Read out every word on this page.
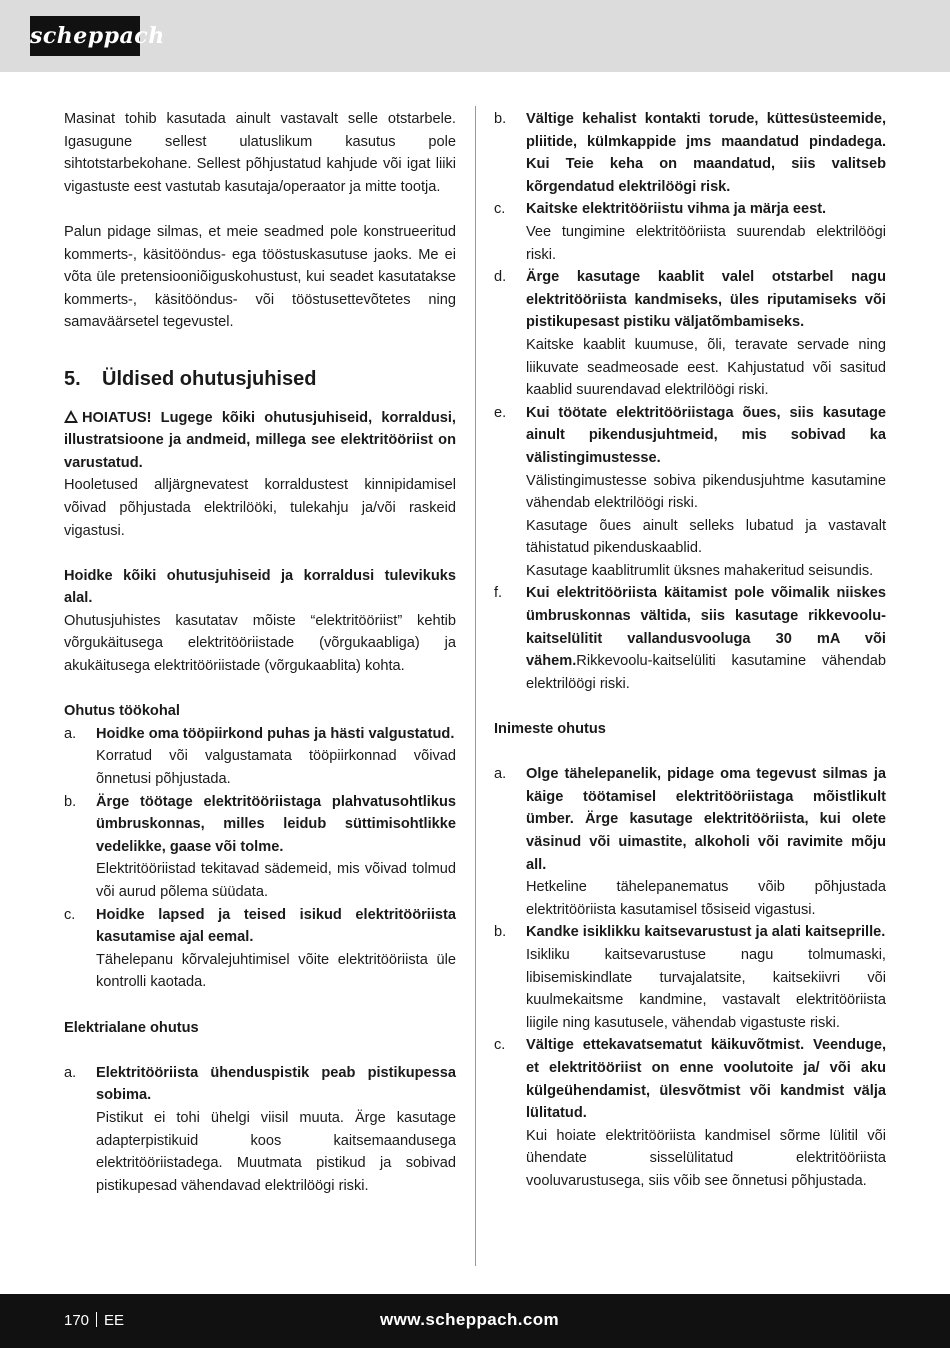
scheppach

Masinat tohib kasutada ainult vastavalt selle otstarbele. Igasugune sellest ulatuslikum kasutus pole sihtotstarbekohane. Sellest põhjustatud kahjude või igat liiki vigastuste eest vastutab kasutaja/operaator ja mitte tootja.

Palun pidage silmas, et meie seadmed pole konstrueeritud kommerts-, käsitööndus- ega tööstuskasutuse jaoks. Me ei võta üle pretensiooniõiguskohustust, kui seadet kasutatakse kommerts-, käsitööndus- või tööstusettevõtetes ning samaväärsetel tegevustel.

5.	Üldised ohutusjuhised

HOIATUS! Lugege kõiki ohutusjuhiseid, korraldusi, illustratsioone ja andmeid, millega see elektritööriist on varustatud.

Hooletused alljärgnevatest korraldustest kinnipidamisel võivad põhjustada elektrilööki, tulekahju ja/või raskeid vigastusi.

Hoidke kõiki ohutusjuhiseid ja korraldusi tulevikuks alal.

Ohutusjuhistes kasutatav mõiste “elektritööriist” kehtib võrgukäitusega elektritööriistade (võrgukaabliga) ja akukäitusega elektritööriistade (võrgukaablita) kohta.

Ohutus töökohal

a.	Hoidke oma tööpiirkond puhas ja hästi valgustatud.

Korratud või valgustamata tööpiirkonnad võivad õnnetusi põhjustada.

b.	Ärge töötage elektritööriistaga plahvatusohtlikus ümbruskonnas, milles leidub süttimisohtlikke vedelikke, gaase või tolme.

Elektritööriistad tekitavad sädemeid, mis võivad tolmud või aurud põlema süüdata.

c.	Hoidke lapsed ja teised isikud elektritööriista kasutamise ajal eemal.

Tähelepanu kõrvalejuhtimisel võite elektritööriista üle kontrolli kaotada.

Elektrialane ohutus

a.	Elektritööriista ühenduspistik peab pistikupessa sobima.

Pistikut ei tohi ühelgi viisil muuta. Ärge kasutage adapterpistikuid koos kaitsemaandusega elektritööriistadega. Muutmata pistikud ja sobivad pistikupesad vähendavad elektrilöögi riski.

b.	Vältige kehalist kontakti torude, küttesüsteemide, pliitide, külmkappide jms maandatud pindadega. Kui Teie keha on maandatud, siis valitseb kõrgendatud elektrilöögi risk.

c.	Kaitske elektritööriistu vihma ja märja eest.

Vee tungimine elektritööriista suurendab elektrilöögi riski.

d.	Ärge kasutage kaablit valel otstarbel nagu elektritööriista kandmiseks, üles riputamiseks või pistikupesast pistiku väljatõmbamiseks.

Kaitske kaablit kuumuse, õli, teravate servade ning liikuvate seadmeosade eest. Kahjustatud või sasitud kaablid suurendavad elektrilöögi riski.

e.	Kui töötate elektritööriistaga õues, siis kasutage ainult pikendusjuhtmeid, mis sobivad ka välistingimustesse.

Välistingimustesse sobiva pikendusjuhtme kasutamine vähendab elektrilöögi riski.

Kasutage õues ainult selleks lubatud ja vastavalt tähistatud pikenduskaablid.

Kasutage kaablitrumlit üksnes mahakeritud seisundis.

f.	Kui elektritööriista käitamist pole võimalik niiskes ümbruskonnas vältida, siis kasutage rikkevoolu-kaitselülitit vallandusvooluga 30 mA või vähem.Rikkevoolu-kaitselüliti kasutamine vähendab elektrilöögi riski.

Inimeste ohutus

a.	Olge tähelepanelik, pidage oma tegevust silmas ja käige töötamisel elektritööriistaga mõistlikult ümber. Ärge kasutage elektritööriista, kui olete väsinud või uimastite, alkoholi või ravimite mõju all.

Hetkeline tähelepanematus võib põhjustada elektritööriista kasutamisel tõsiseid vigastusi.

b.	Kandke isiklikku kaitsevarustust ja alati kaitseprille.

Isikliku kaitsevarustuse nagu tolmumaski, libisemiskindlate turvajalatsite, kaitsekiivri või kuulmekaitsme kandmine, vastavalt elektritööriista liigile ning kasutusele, vähendab vigastuste riski.

c.	Vältige ettekavatsematut käikuvõtmist. Veenduge, et elektritööriist on enne voolutoite ja/ või aku külgeühendamist, ülesvõtmist või kandmist välja lülitatud.

Kui hoiate elektritööriista kandmisel sõrme lülitil või ühendate sisselülitatud elektritööriista vooluvarustusega, siis võib see õnnetusi põhjustada.

170 EE	www.scheppach.com
